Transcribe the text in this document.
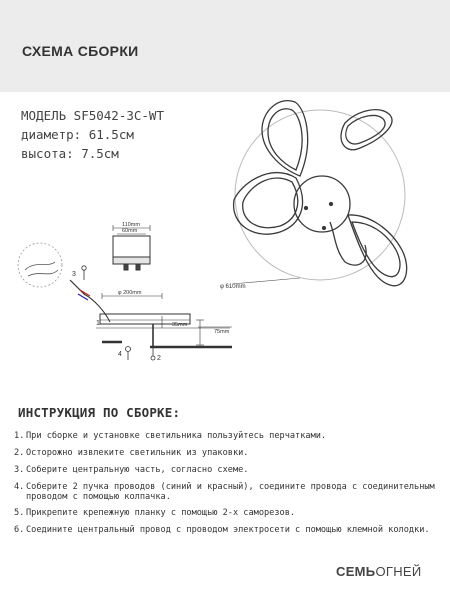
СХЕМА СБОРКИ
МОДЕЛЬ SF5042-3C-WT
диаметр: 61.5см
высота: 7.5см
φ 610mm
110mm
60mm
φ 200mm
35mm
75mm
1
2
3
4
ИНСТРУКЦИЯ ПО СБОРКЕ:
1. При сборке и установке светильника пользуйтесь перчатками.
2. Осторожно извлеките светильник из упаковки.
3. Соберите центральную часть, согласно схеме.
4. Соберите 2 пучка проводов (синий и красный), соедините провода с соединительным проводом с помощью колпачка.
5. Прикрепите крепежную планку с помощью 2-х саморезов.
6. Соедините центральный провод с проводом электросети с помощью клемной колодки.
СЕМЬОГНЕЙ
